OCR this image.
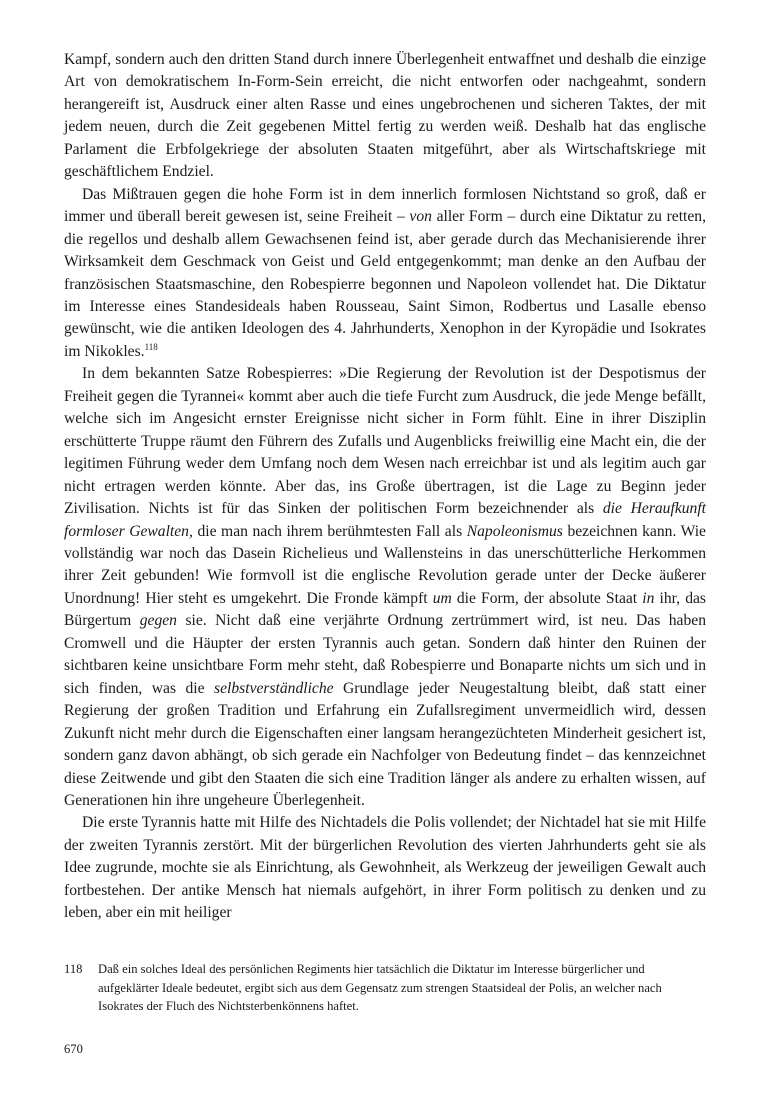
Kampf, sondern auch den dritten Stand durch innere Überlegenheit entwaffnet und deshalb die einzige Art von demokratischem In-Form-Sein erreicht, die nicht entworfen oder nachgeahmt, sondern herangereift ist, Ausdruck einer alten Rasse und eines ungebrochenen und sicheren Taktes, der mit jedem neuen, durch die Zeit gegebenen Mittel fertig zu werden weiß. Deshalb hat das englische Parlament die Erbfolgekriege der absoluten Staaten mitgeführt, aber als Wirtschaftskriege mit geschäftlichem Endziel.

Das Mißtrauen gegen die hohe Form ist in dem innerlich formlosen Nichtstand so groß, daß er immer und überall bereit gewesen ist, seine Freiheit – von aller Form – durch eine Diktatur zu retten, die regellos und deshalb allem Gewachsenen feind ist, aber gerade durch das Mechanisierende ihrer Wirksamkeit dem Geschmack von Geist und Geld entgegenkommt; man denke an den Aufbau der französischen Staatsmaschine, den Robespierre begonnen und Napoleon vollendet hat. Die Diktatur im Interesse eines Standesideals haben Rousseau, Saint Simon, Rodbertus und Lasalle ebenso gewünscht, wie die antiken Ideologen des 4. Jahrhunderts, Xenophon in der Kyropädie und Isokrates im Nikokles.$^{118}$

In dem bekannten Satze Robespierres: »Die Regierung der Revolution ist der Despotismus der Freiheit gegen die Tyrannei« kommt aber auch die tiefe Furcht zum Ausdruck, die jede Menge befällt, welche sich im Angesicht ernster Ereignisse nicht sicher in Form fühlt. Eine in ihrer Disziplin erschütterte Truppe räumt den Führern des Zufalls und Augenblicks freiwillig eine Macht ein, die der legitimen Führung weder dem Umfang noch dem Wesen nach erreichbar ist und als legitim auch gar nicht ertragen werden könnte. Aber das, ins Große übertragen, ist die Lage zu Beginn jeder Zivilisation. Nichts ist für das Sinken der politischen Form bezeichnender als die Heraufkunft formloser Gewalten, die man nach ihrem berühmtesten Fall als Napoleonismus bezeichnen kann. Wie vollständig war noch das Dasein Richelieus und Wallensteins in das unerschütterliche Herkommen ihrer Zeit gebunden! Wie formvoll ist die englische Revolution gerade unter der Decke äußerer Unordnung! Hier steht es umgekehrt. Die Fronde kämpft um die Form, der absolute Staat in ihr, das Bürgertum gegen sie. Nicht daß eine verjährte Ordnung zertrümmert wird, ist neu. Das haben Cromwell und die Häupter der ersten Tyrannis auch getan. Sondern daß hinter den Ruinen der sichtbaren keine unsichtbare Form mehr steht, daß Robespierre und Bonaparte nichts um sich und in sich finden, was die selbstverständliche Grundlage jeder Neugestaltung bleibt, daß statt einer Regierung der großen Tradition und Erfahrung ein Zufallsregiment unvermeidlich wird, dessen Zukunft nicht mehr durch die Eigenschaften einer langsam herangezüchteten Minderheit gesichert ist, sondern ganz davon abhängt, ob sich gerade ein Nachfolger von Bedeutung findet – das kennzeichnet diese Zeitwende und gibt den Staaten die sich eine Tradition länger als andere zu erhalten wissen, auf Generationen hin ihre ungeheure Überlegenheit.

Die erste Tyrannis hatte mit Hilfe des Nichtadels die Polis vollendet; der Nichtadel hat sie mit Hilfe der zweiten Tyrannis zerstört. Mit der bürgerlichen Revolution des vierten Jahrhunderts geht sie als Idee zugrunde, mochte sie als Einrichtung, als Gewohnheit, als Werkzeug der jeweiligen Gewalt auch fortbestehen. Der antike Mensch hat niemals aufgehört, in ihrer Form politisch zu denken und zu leben, aber ein mit heiliger

118	Daß ein solches Ideal des persönlichen Regiments hier tatsächlich die Diktatur im Interesse bürgerlicher und aufgeklärter Ideale bedeutet, ergibt sich aus dem Gegensatz zum strengen Staatsideal der Polis, an welcher nach Isokrates der Fluch des Nichtsterbenkönnens haftet.
670
